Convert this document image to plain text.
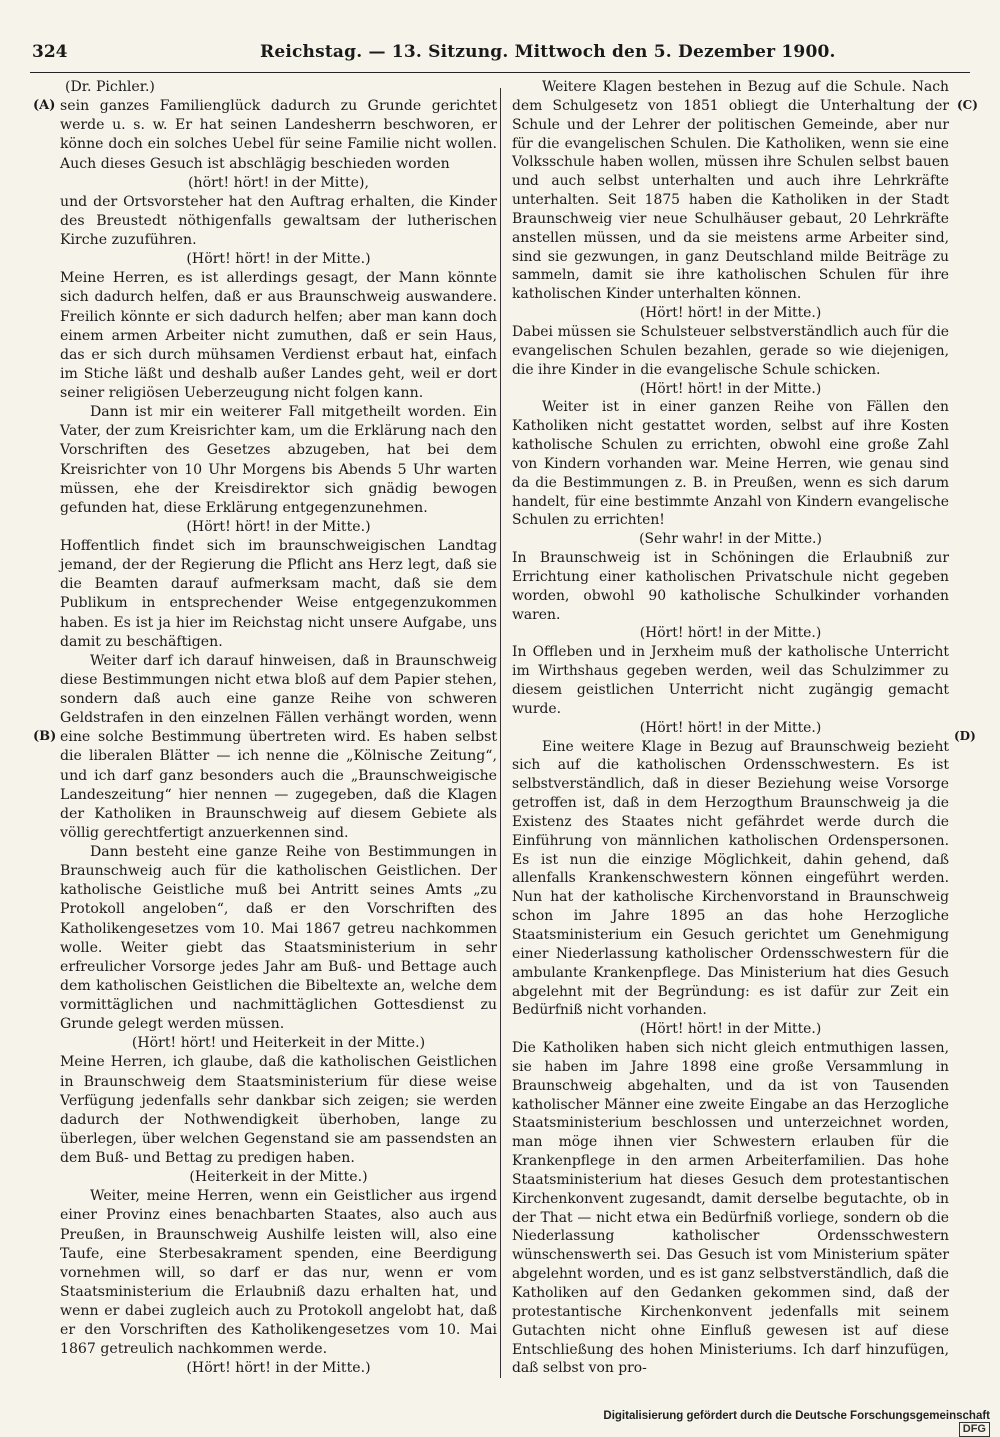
324	Reichstag. — 13. Sitzung. Mittwoch den 5. Dezember 1900.
(A)
(B)
(C)
(D)

(Dr. Pichler.)

sein ganzes Familienglück dadurch zu Grunde gerichtet werde u. s. w. Er hat seinen Landesherrn beschworen, er könne doch ein solches Uebel für seine Familie nicht wollen. Auch dieses Gesuch ist abschlägig beschieden worden

(hört! hört! in der Mitte),

und der Ortsvorsteher hat den Auftrag erhalten, die Kinder des Breustedt nöthigenfalls gewaltsam der lutherischen Kirche zuzuführen.

(Hört! hört! in der Mitte.)

Meine Herren, es ist allerdings gesagt, der Mann könnte sich dadurch helfen, daß er aus Braunschweig auswandere. Freilich könnte er sich dadurch helfen; aber man kann doch einem armen Arbeiter nicht zumuthen, daß er sein Haus, das er sich durch mühsamen Verdienst erbaut hat, einfach im Stiche läßt und deshalb außer Landes geht, weil er dort seiner religiösen Ueberzeugung nicht folgen kann.

Dann ist mir ein weiterer Fall mitgetheilt worden. Ein Vater, der zum Kreisrichter kam, um die Erklärung nach den Vorschriften des Gesetzes abzugeben, hat bei dem Kreisrichter von 10 Uhr Morgens bis Abends 5 Uhr warten müssen, ehe der Kreisdirektor sich gnädig bewogen gefunden hat, diese Erklärung entgegenzunehmen.

(Hört! hört! in der Mitte.)

Hoffentlich findet sich im braunschweigischen Landtag jemand, der der Regierung die Pflicht ans Herz legt, daß sie die Beamten darauf aufmerksam macht, daß sie dem Publikum in entsprechender Weise entgegenzukommen haben. Es ist ja hier im Reichstag nicht unsere Aufgabe, uns damit zu beschäftigen.

Weiter darf ich darauf hinweisen, daß in Braunschweig diese Bestimmungen nicht etwa bloß auf dem Papier stehen, sondern daß auch eine ganze Reihe von schweren Geldstrafen in den einzelnen Fällen verhängt worden, wenn eine solche Bestimmung übertreten wird. Es haben selbst die liberalen Blätter — ich nenne die „Kölnische Zeitung“, und ich darf ganz besonders auch die „Braunschweigische Landeszeitung“ hier nennen — zugegeben, daß die Klagen der Katholiken in Braunschweig auf diesem Gebiete als völlig gerechtfertigt anzuerkennen sind.

Dann besteht eine ganze Reihe von Bestimmungen in Braunschweig auch für die katholischen Geistlichen. Der katholische Geistliche muß bei Antritt seines Amts „zu Protokoll angeloben“, daß er den Vorschriften des Katholikengesetzes vom 10. Mai 1867 getreu nachkommen wolle. Weiter giebt das Staatsministerium in sehr erfreulicher Vorsorge jedes Jahr am Buß- und Bettage auch dem katholischen Geistlichen die Bibeltexte an, welche dem vormittäglichen und nachmittäglichen Gottesdienst zu Grunde gelegt werden müssen.

(Hört! hört! und Heiterkeit in der Mitte.)

Meine Herren, ich glaube, daß die katholischen Geistlichen in Braunschweig dem Staatsministerium für diese weise Verfügung jedenfalls sehr dankbar sich zeigen; sie werden dadurch der Nothwendigkeit überhoben, lange zu überlegen, über welchen Gegenstand sie am passendsten an dem Buß- und Bettag zu predigen haben.

(Heiterkeit in der Mitte.)

Weiter, meine Herren, wenn ein Geistlicher aus irgend einer Provinz eines benachbarten Staates, also auch aus Preußen, in Braunschweig Aushilfe leisten will, also eine Taufe, eine Sterbesakrament spenden, eine Beerdigung vornehmen will, so darf er das nur, wenn er vom Staatsministerium die Erlaubniß dazu erhalten hat, und wenn er dabei zugleich auch zu Protokoll angelobt hat, daß er den Vorschriften des Katholikengesetzes vom 10. Mai 1867 getreulich nachkommen werde.

(Hört! hört! in der Mitte.)

Weitere Klagen bestehen in Bezug auf die Schule. Nach dem Schulgesetz von 1851 obliegt die Unterhaltung der Schule und der Lehrer der politischen Gemeinde, aber nur für die evangelischen Schulen. Die Katholiken, wenn sie eine Volksschule haben wollen, müssen ihre Schulen selbst bauen und auch selbst unterhalten und auch ihre Lehrkräfte unterhalten. Seit 1875 haben die Katholiken in der Stadt Braunschweig vier neue Schulhäuser gebaut, 20 Lehrkräfte anstellen müssen, und da sie meistens arme Arbeiter sind, sind sie gezwungen, in ganz Deutschland milde Beiträge zu sammeln, damit sie ihre katholischen Schulen für ihre katholischen Kinder unterhalten können.

(Hört! hört! in der Mitte.)

Dabei müssen sie Schulsteuer selbstverständlich auch für die evangelischen Schulen bezahlen, gerade so wie diejenigen, die ihre Kinder in die evangelische Schule schicken.

(Hört! hört! in der Mitte.)

Weiter ist in einer ganzen Reihe von Fällen den Katholiken nicht gestattet worden, selbst auf ihre Kosten katholische Schulen zu errichten, obwohl eine große Zahl von Kindern vorhanden war. Meine Herren, wie genau sind da die Bestimmungen z. B. in Preußen, wenn es sich darum handelt, für eine bestimmte Anzahl von Kindern evangelische Schulen zu errichten!

(Sehr wahr! in der Mitte.)

In Braunschweig ist in Schöningen die Erlaubniß zur Errichtung einer katholischen Privatschule nicht gegeben worden, obwohl 90 katholische Schulkinder vorhanden waren.

(Hört! hört! in der Mitte.)

In Offleben und in Jerxheim muß der katholische Unterricht im Wirthshaus gegeben werden, weil das Schulzimmer zu diesem geistlichen Unterricht nicht zugängig gemacht wurde.

(Hört! hört! in der Mitte.)

Eine weitere Klage in Bezug auf Braunschweig bezieht sich auf die katholischen Ordensschwestern. Es ist selbstverständlich, daß in dieser Beziehung weise Vorsorge getroffen ist, daß in dem Herzogthum Braunschweig ja die Existenz des Staates nicht gefährdet werde durch die Einführung von männlichen katholischen Ordenspersonen. Es ist nun die einzige Möglichkeit, dahin gehend, daß allenfalls Krankenschwestern können eingeführt werden. Nun hat der katholische Kirchenvorstand in Braunschweig schon im Jahre 1895 an das hohe Herzogliche Staatsministerium ein Gesuch gerichtet um Genehmigung einer Niederlassung katholischer Ordensschwestern für die ambulante Krankenpflege. Das Ministerium hat dies Gesuch abgelehnt mit der Begründung: es ist dafür zur Zeit ein Bedürfniß nicht vorhanden.

(Hört! hört! in der Mitte.)

Die Katholiken haben sich nicht gleich entmuthigen lassen, sie haben im Jahre 1898 eine große Versammlung in Braunschweig abgehalten, und da ist von Tausenden katholischer Männer eine zweite Eingabe an das Herzogliche Staatsministerium beschlossen und unterzeichnet worden, man möge ihnen vier Schwestern erlauben für die Krankenpflege in den armen Arbeiterfamilien. Das hohe Staatsministerium hat dieses Gesuch dem protestantischen Kirchenkonvent zugesandt, damit derselbe begutachte, ob in der That — nicht etwa ein Bedürfniß vorliege, sondern ob die Niederlassung katholischer Ordensschwestern wünschenswerth sei. Das Gesuch ist vom Ministerium später abgelehnt worden, und es ist ganz selbstverständlich, daß die Katholiken auf den Gedanken gekommen sind, daß der protestantische Kirchenkonvent jedenfalls mit seinem Gutachten nicht ohne Einfluß gewesen ist auf diese Entschließung des hohen Ministeriums. Ich darf hinzufügen, daß selbst von pro-

Digitalisierung gefördert durch die Deutsche Forschungsgemeinschaft DFG
